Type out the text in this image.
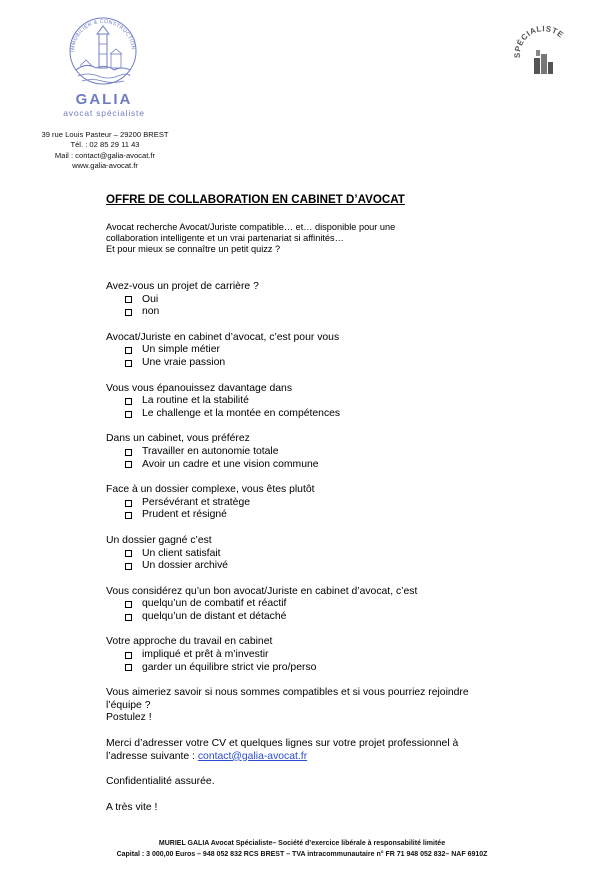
IMMOBILIER & CONSTRUCTION
GALIA
avocat spécialiste
39 rue Louis Pasteur – 29200 BREST
Tél. : 02 85 29 11 43
Mail : contact@galia-avocat.fr
www.galia-avocat.fr
SPÉCIALISTE
OFFRE DE COLLABORATION EN CABINET D’AVOCAT
Avocat recherche Avocat/Juriste compatible… et… disponible pour une
collaboration intelligente et un vrai partenariat si affinités…
Et pour mieux se connaître un petit quizz ?
Avez-vous un projet de carrière ?
Oui
non
Avocat/Juriste en cabinet d’avocat, c’est pour vous
Un simple métier
Une vraie passion
Vous vous épanouissez davantage dans
La routine et la stabilité
Le challenge et la montée en compétences
Dans un cabinet, vous préférez
Travailler en autonomie totale
Avoir un cadre et une vision commune
Face à un dossier complexe, vous êtes plutôt
Persévérant et stratège
Prudent et résigné
Un dossier gagné c’est
Un client satisfait
Un dossier archivé
Vous considérez qu’un bon avocat/Juriste en cabinet d’avocat, c’est
quelqu’un de combatif et réactif
quelqu’un de distant et détaché
Votre approche du travail en cabinet
impliqué et prêt à m’investir
garder un équilibre strict vie pro/perso
Vous aimeriez savoir si nous sommes compatibles et si vous pourriez rejoindre
l’équipe ?
Postulez !
Merci d’adresser votre CV et quelques lignes sur votre projet professionnel à
l’adresse suivante : contact@galia-avocat.fr
Confidentialité assurée.
A très vite !
MURIEL GALIA Avocat Spécialiste– Société d’exercice libérale à responsabilité limitée
Capital : 3 000,00 Euros – 948 052 832 RCS BREST – TVA intracommunautaire n° FR 71 948 052 832– NAF 6910Z
